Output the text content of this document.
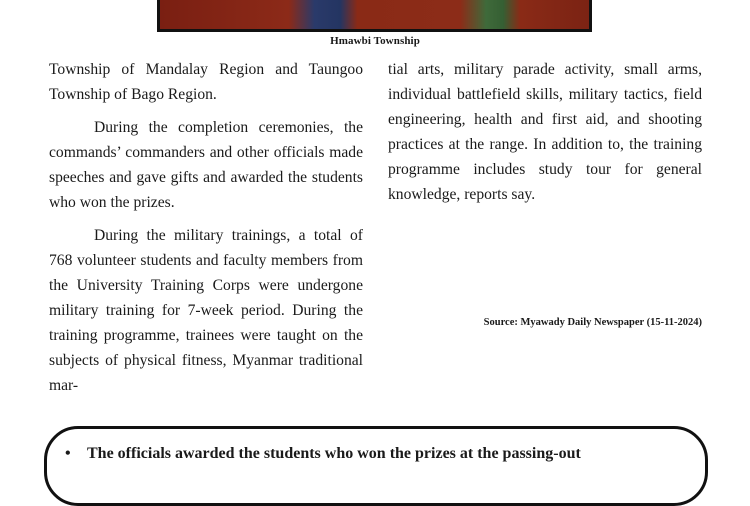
Hmawbi Township

Township of Mandalay Region and Taungoo Township of Bago Region.

During the completion ceremonies, the commands’ commanders and other officials made speeches and gave gifts and awarded the students who won the prizes.

During the military trainings, a total of 768 volunteer students and faculty members from the University Training Corps were undergone military training for 7-week period. During the training programme, trainees were taught on the subjects of physical fitness, Myanmar traditional mar-

tial arts, military parade activity, small arms, individual battlefield skills, military tactics, field engineering, health and first aid, and shooting practices at the range. In addition to, the training programme includes study tour for general knowledge, reports say.

Source: Myawady Daily Newspaper (15-11-2024)
• The officials awarded the students who won the prizes at the passing-out
